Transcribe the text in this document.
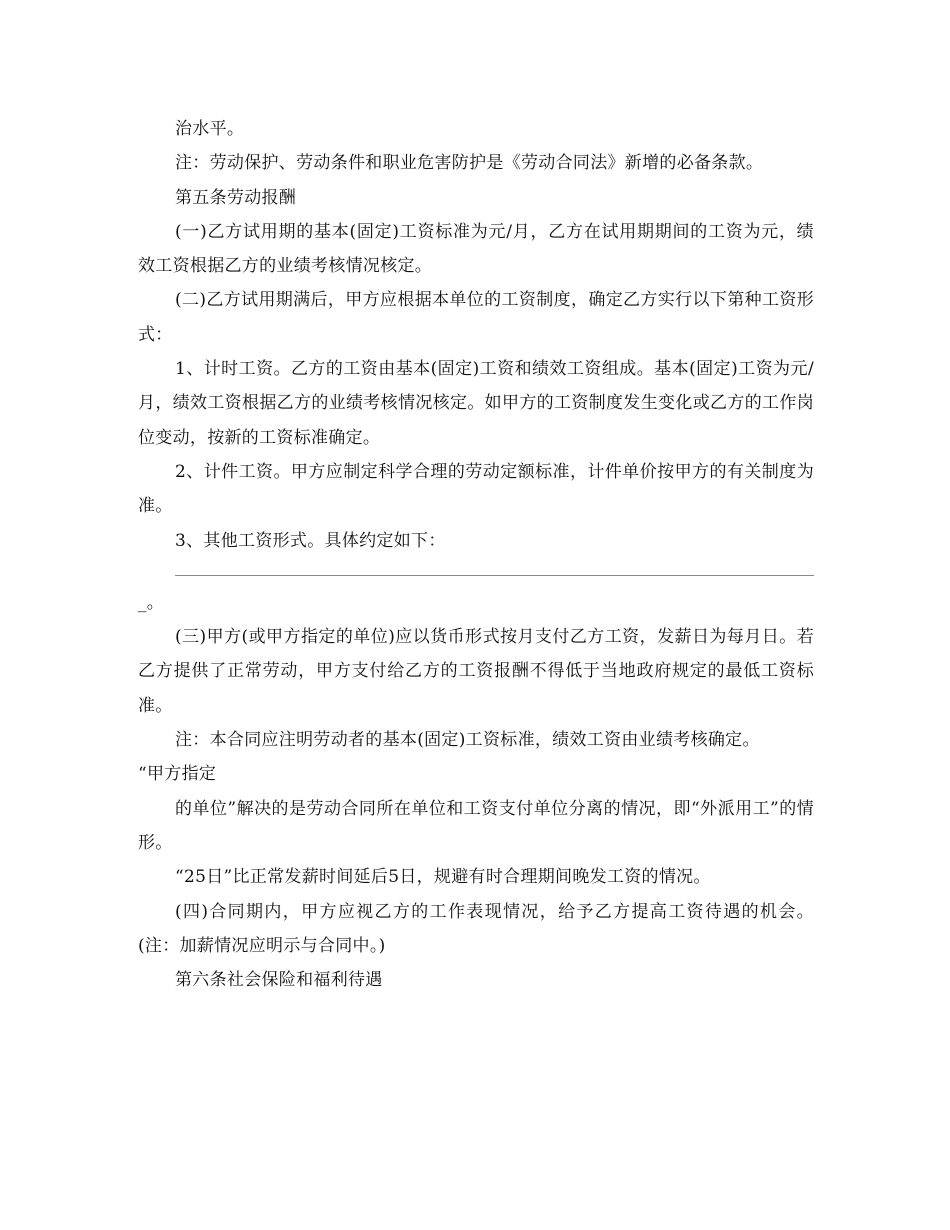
治水平。

注：劳动保护、劳动条件和职业危害防护是《劳动合同法》新增的必备条款。

第五条劳动报酬

(一)乙方试用期的基本(固定)工资标准为元/月，乙方在试用期期间的工资为元，绩效工资根据乙方的业绩考核情况核定。

(二)乙方试用期满后，甲方应根据本单位的工资制度，确定乙方实行以下第种工资形式：

1、计时工资。乙方的工资由基本(固定)工资和绩效工资组成。基本(固定)工资为元/月，绩效工资根据乙方的业绩考核情况核定。如甲方的工资制度发生变化或乙方的工作岗位变动，按新的工资标准确定。

2、计件工资。甲方应制定科学合理的劳动定额标准，计件单价按甲方的有关制度为准。

3、其他工资形式。具体约定如下：

_。

(三)甲方(或甲方指定的单位)应以货币形式按月支付乙方工资，发薪日为每月日。若乙方提供了正常劳动，甲方支付给乙方的工资报酬不得低于当地政府规定的最低工资标准。

注：本合同应注明劳动者的基本(固定)工资标准，绩效工资由业绩考核确定。

“甲方指定

的单位”解决的是劳动合同所在单位和工资支付单位分离的情况，即“外派用工”的情形。

“25日”比正常发薪时间延后5日，规避有时合理期间晚发工资的情况。

(四)合同期内，甲方应视乙方的工作表现情况，给予乙方提高工资待遇的机会。(注：加薪情况应明示与合同中。)

第六条社会保险和福利待遇
